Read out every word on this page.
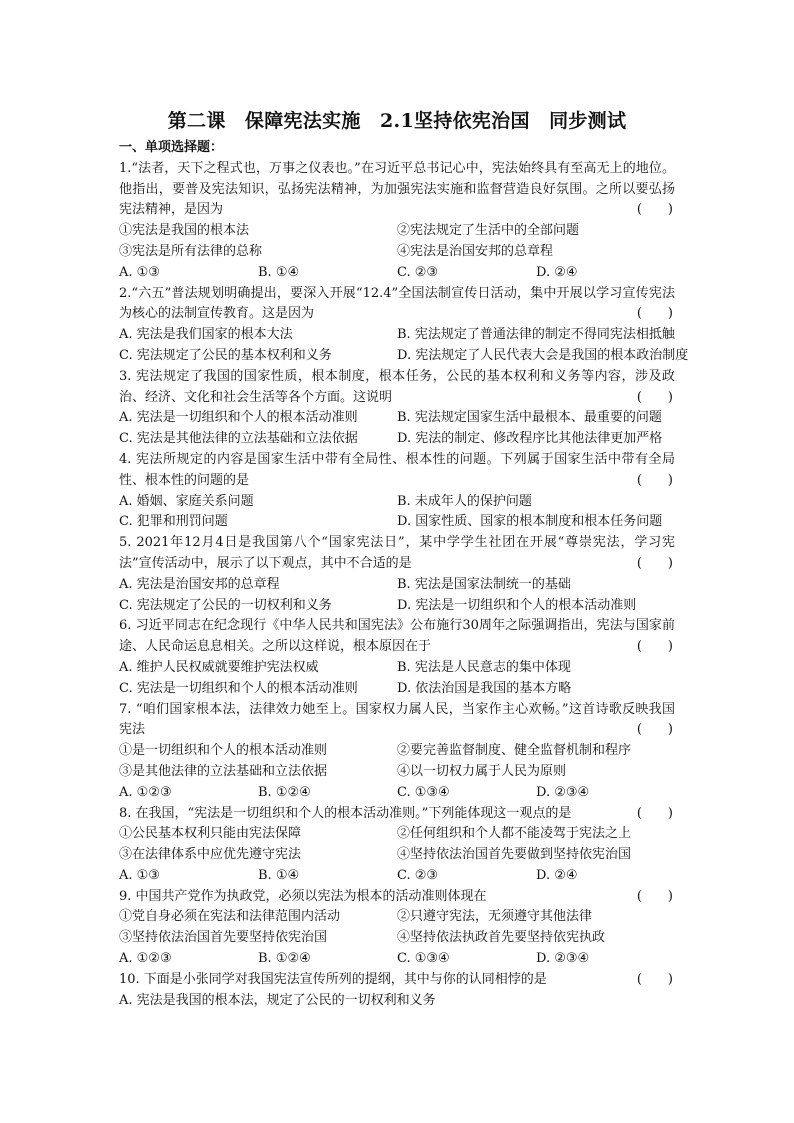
第二课　保障宪法实施　2.1坚持依宪治国　同步测试
一、单项选择题：
1.“法者，天下之程式也，万事之仪表也。”在习近平总书记心中，宪法始终具有至高无上的地位。他指出，要普及宪法知识，弘扬宪法精神，为加强宪法实施和监督营造良好氛围。之所以要弘扬宪法精神，是因为	(　　)
①宪法是我国的根本法	②宪法规定了生活中的全部问题
③宪法是所有法律的总称	④宪法是治国安邦的总章程
A. ①③	B. ①④	C. ②③	D. ②④
2.“六五”普法规划明确提出，要深入开展“12.4”全国法制宣传日活动，集中开展以学习宣传宪法为核心的法制宣传教育。这是因为	(　　)
A. 宪法是我们国家的根本大法	B. 宪法规定了普通法律的制定不得同宪法相抵触
C. 宪法规定了公民的基本权利和义务	D. 宪法规定了人民代表大会是我国的根本政治制度
3. 宪法规定了我国的国家性质，根本制度，根本任务，公民的基本权利和义务等内容，涉及政治、经济、文化和社会生活等各个方面。这说明	(　　)
A. 宪法是一切组织和个人的根本活动准则	B. 宪法规定国家生活中最根本、最重要的问题
C. 宪法是其他法律的立法基础和立法依据	D. 宪法的制定、修改程序比其他法律更加严格
4. 宪法所规定的内容是国家生活中带有全局性、根本性的问题。下列属于国家生活中带有全局性、根本性的问题的是	(　　)
A. 婚姻、家庭关系问题	B. 未成年人的保护问题
C. 犯罪和刑罚问题	D. 国家性质、国家的根本制度和根本任务问题
5. 2021年12月4日是我国第八个“国家宪法日”，某中学学生社团在开展“尊崇宪法，学习宪法”宣传活动中，展示了以下观点，其中不合适的是	(　　)
A. 宪法是治国安邦的总章程	B. 宪法是国家法制统一的基础
C. 宪法规定了公民的一切权利和义务	D. 宪法是一切组织和个人的根本活动准则
6. 习近平同志在纪念现行《中华人民共和国宪法》公布施行30周年之际强调指出，宪法与国家前途、人民命运息息相关。之所以这样说，根本原因在于	(　　)
A. 维护人民权威就要维护宪法权威	B. 宪法是人民意志的集中体现
C. 宪法是一切组织和个人的根本活动准则	D. 依法治国是我国的基本方略
7. “咱们国家根本法，法律效力她至上。国家权力属人民，当家作主心欢畅。”这首诗歌反映我国宪法	(　　)
①是一切组织和个人的根本活动准则	②要完善监督制度、健全监督机制和程序
③是其他法律的立法基础和立法依据	④以一切权力属于人民为原则
A. ①②③	B. ①②④	C. ①③④	D. ②③④
8. 在我国，“宪法是一切组织和个人的根本活动准则。”下列能体现这一观点的是	(　　)
①公民基本权利只能由宪法保障	②任何组织和个人都不能凌驾于宪法之上
③在法律体系中应优先遵守宪法	④坚持依法治国首先要做到坚持依宪治国
A. ①③	B. ①④	C. ②③	D. ②④
9. 中国共产党作为执政党，必须以宪法为根本的活动准则体现在	(　　)
①党自身必须在宪法和法律范围内活动	②只遵守宪法，无须遵守其他法律
③坚持依法治国首先要坚持依宪治国	④坚持依法执政首先要坚持依宪执政
A. ①②③	B. ①②④	C. ①③④	D. ②③④
10. 下面是小张同学对我国宪法宣传所列的提纲，其中与你的认同相悖的是	(　　)
A. 宪法是我国的根本法，规定了公民的一切权利和义务
